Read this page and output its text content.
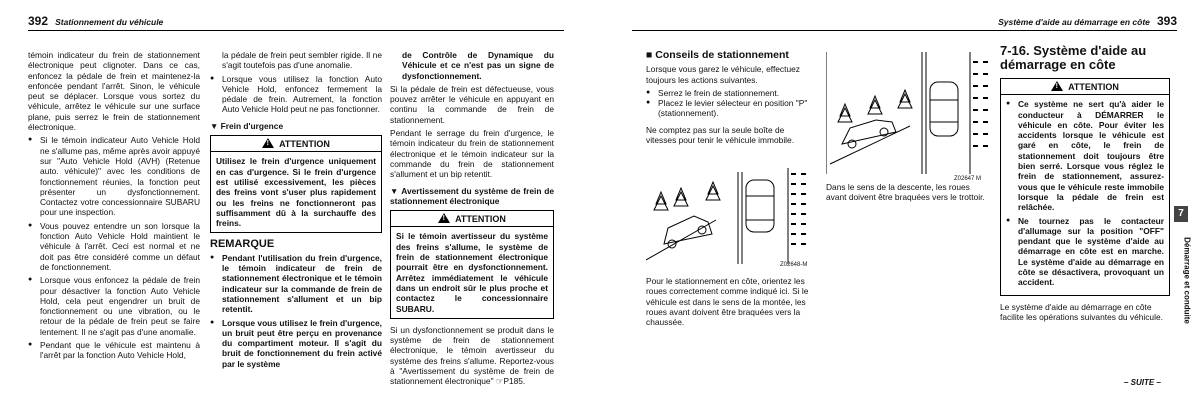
392 Stationnement du véhicule

témoin indicateur du frein de stationnement électronique peut clignoter. Dans ce cas, enfoncez la pédale de frein et maintenez-la enfoncée pendant l'arrêt. Sinon, le véhicule peut se déplacer. Lorsque vous sortez du véhicule, arrêtez le véhicule sur une surface plane, puis serrez le frein de stationnement électronique.

● Si le témoin indicateur Auto Vehicle Hold ne s'allume pas, même après avoir appuyé sur "Auto Vehicle Hold (AVH) (Retenue auto. véhicule)" avec les conditions de fonctionnement réunies, la fonction peut présenter un dysfonctionnement. Contactez votre concessionnaire SUBARU pour une inspection.

● Vous pouvez entendre un son lorsque la fonction Auto Vehicle Hold maintient le véhicule à l'arrêt. Ceci est normal et ne doit pas être considéré comme un défaut de fonctionnement.

● Lorsque vous enfoncez la pédale de frein pour désactiver la fonction Auto Vehicle Hold, cela peut engendrer un bruit de fonctionnement ou une vibration, ou le retour de la pédale de frein peut se faire lentement. Il ne s'agit pas d'une anomalie.

● Pendant que le véhicule est maintenu à l'arrêt par la fonction Auto Vehicle Hold,

la pédale de frein peut sembler rigide. Il ne s'agit toutefois pas d'une anomalie.

● Lorsque vous utilisez la fonction Auto Vehicle Hold, enfoncez fermement la pédale de frein. Autrement, la fonction Auto Vehicle Hold peut ne pas fonctionner.

▼ Frein d'urgence
!ATTENTION
Utilisez le frein d'urgence uniquement en cas d'urgence. Si le frein d'urgence est utilisé excessivement, les pièces des freins vont s'user plus rapidement ou les freins ne fonctionneront pas suffisamment dû à la surchauffe des freins.
REMARQUE

● Pendant l'utilisation du frein d'urgence, le témoin indicateur de frein de stationnement électronique et le témoin indicateur sur la commande de frein de stationnement s'allument et un bip retentit.

● Lorsque vous utilisez le frein d'urgence, un bruit peut être perçu en provenance du compartiment moteur. Il s'agit du bruit de fonctionnement du frein activé par le système

de Contrôle de Dynamique du Véhicule et ce n'est pas un signe de dysfonctionnement.

Si la pédale de frein est défectueuse, vous pouvez arrêter le véhicule en appuyant en continu la commande de frein de stationnement.

Pendant le serrage du frein d'urgence, le témoin indicateur du frein de stationnement électronique et le témoin indicateur sur la commande du frein de stationnement s'allument et un bip retentit.

▼ Avertissement du système de frein de stationnement électronique
!ATTENTION
Si le témoin avertisseur du système des freins s'allume, le système de frein de stationnement électronique pourrait être en dysfonctionnement. Arrêtez immédiatement le véhicule dans un endroit sûr le plus proche et contactez le concessionnaire SUBARU.

Si un dysfonctionnement se produit dans le système de frein de stationnement électronique, le témoin avertisseur du système des freins s'allume. Reportez-vous à "Avertissement du système de frein de stationnement électronique" ☞P185.

Système d'aide au démarrage en côte 393
■ Conseils de stationnement

Lorsque vous garez le véhicule, effectuez toujours les actions suivantes.

● Serrez le frein de stationnement.

● Placez le levier sélecteur en position "P" (stationnement).

Ne comptez pas sur la seule boîte de vitesses pour tenir le véhicule immobile.

Z02648-M

Pour le stationnement en côte, orientez les roues correctement comme indiqué ici. Si le véhicule est dans le sens de la montée, les roues avant doivent être braquées vers la chaussée.

Z02647 M

Dans le sens de la descente, les roues avant doivent être braquées vers le trottoir.

7-16. Système d'aide au démarrage en côte
!ATTENTION

● Ce système ne sert qu'à aider le conducteur à DÉMARRER le véhicule en côte. Pour éviter les accidents lorsque le véhicule est garé en côte, le frein de stationnement doit toujours être bien serré. Lorsque vous réglez le frein de stationnement, assurez-vous que le véhicule reste immobile lorsque la pédale de frein est relâchée.

● Ne tournez pas le contacteur d'allumage sur la position "OFF" pendant que le système d'aide au démarrage en côte est en marche. Le système d'aide au démarrage en côte se désactivera, provoquant un accident.

Le système d'aide au démarrage en côte facilite les opérations suivantes du véhicule.

7
Démarrage et conduite
– SUITE –
